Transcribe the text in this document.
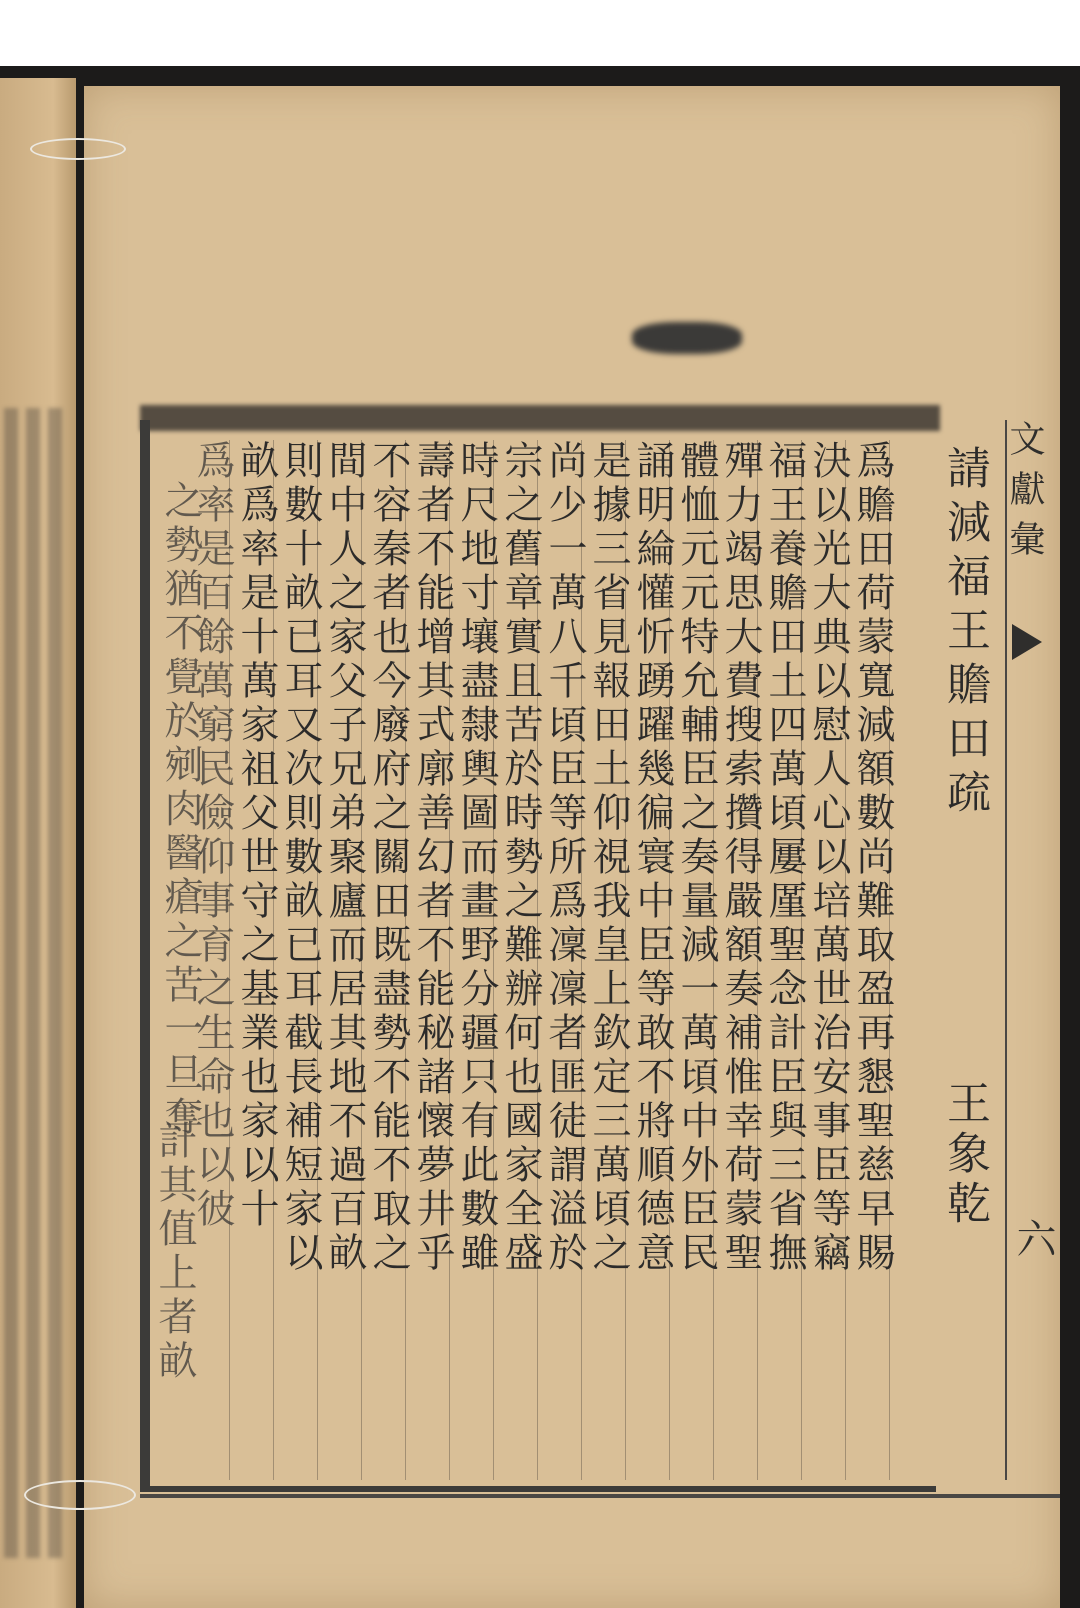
爲贍田荷蒙寬減額數尚難取盈再懇聖慈早賜
決以光大典以慰人心以培萬世治安事臣等竊
福王養贍田土四萬頃屢厪聖念計臣與三省撫
殫力竭思大費搜索攢得嚴額奏補惟幸荷蒙聖
體恤元元特允輔臣之奏量減一萬頃中外臣民
誦明綸懽忻踴躍幾徧寰中臣等敢不將順德意
是據三省見報田土仰視我皇上欽定三萬頃之
尚少一萬八千頃臣等所爲凜凜者匪徒謂溢於
宗之舊章實且苦於時勢之難辦何也國家全盛
時尺地寸壤盡隸輿圖而畫野分疆只有此數雖
壽者不能增其式廓善幻者不能秘諸懷夢井乎
不容秦者也今廢府之關田既盡勢不能不取之
間中人之家父子兄弟聚廬而居其地不過百畝
則數十畝已耳又次則數畝已耳截長補短家以
畝爲率是十萬家祖父世守之基業也家以十
爲率是百餘萬窮民儉仰事育之生命也以彼
之勢猶不覺於剜肉醫瘡之苦一旦奪
計其值上者畝
請減福王贍田疏
王象乾
文獻彙
六
